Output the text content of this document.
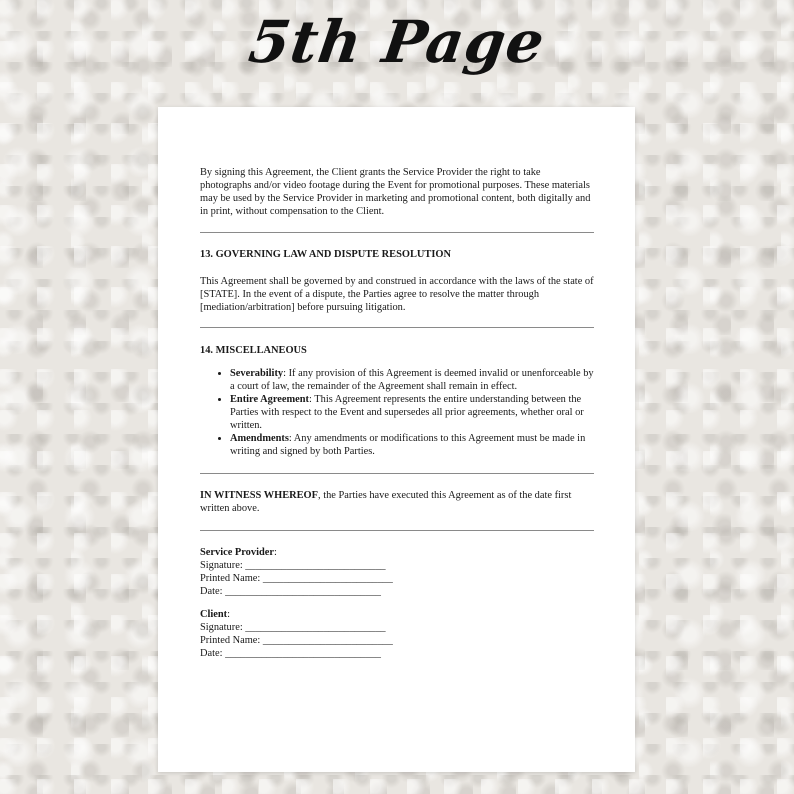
5th Page

By signing this Agreement, the Client grants the Service Provider the right to take photographs and/or video footage during the Event for promotional purposes. These materials may be used by the Service Provider in marketing and promotional content, both digitally and in print, without compensation to the Client.

13. GOVERNING LAW AND DISPUTE RESOLUTION

This Agreement shall be governed by and construed in accordance with the laws of the state of [STATE]. In the event of a dispute, the Parties agree to resolve the matter through [mediation/arbitration] before pursuing litigation.

14. MISCELLANEOUS

• Severability: If any provision of this Agreement is deemed invalid or unenforceable by a court of law, the remainder of the Agreement shall remain in effect.
• Entire Agreement: This Agreement represents the entire understanding between the Parties with respect to the Event and supersedes all prior agreements, whether oral or written.
• Amendments: Any amendments or modifications to this Agreement must be made in writing and signed by both Parties.

IN WITNESS WHEREOF, the Parties have executed this Agreement as of the date first written above.

Service Provider:

Signature: ___________________________

Printed Name: _________________________

Date: ______________________________

Client:

Signature: ___________________________

Printed Name: _________________________

Date: ______________________________
